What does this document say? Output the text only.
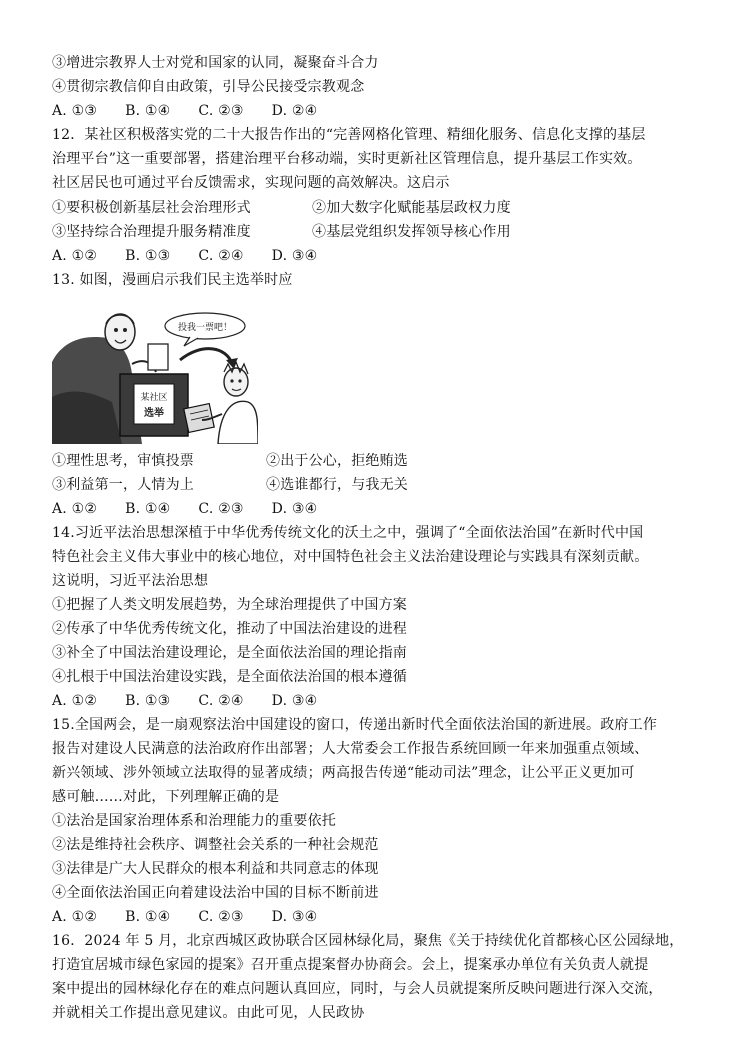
③增进宗教界人士对党和国家的认同，凝聚奋斗合力
④贯彻宗教信仰自由政策，引导公民接受宗教观念
A. ①③ B. ①④ C. ②③ D. ②④
12．某社区积极落实党的二十大报告作出的“完善网格化管理、精细化服务、信息化支撑的基层
治理平台”这一重要部署，搭建治理平台移动端，实时更新社区管理信息，提升基层工作实效。
社区居民也可通过平台反馈需求，实现问题的高效解决。这启示
①要积极创新基层社会治理形式	②加大数字化赋能基层政权力度
③坚持综合治理提升服务精准度	④基层党组织发挥领导核心作用
A. ①② B. ①③ C. ②④ D. ③④
13. 如图，漫画启示我们民主选举时应
某社区
选举
投我一票吧！
①理性思考，审慎投票	②出于公心，拒绝贿选
③利益第一，人情为上	④选谁都行，与我无关
A. ①② B. ①④ C. ②③ D. ③④
14.习近平法治思想深植于中华优秀传统文化的沃土之中，强调了“全面依法治国”在新时代中国
特色社会主义伟大事业中的核心地位，对中国特色社会主义法治建设理论与实践具有深刻贡献。
这说明，习近平法治思想
①把握了人类文明发展趋势，为全球治理提供了中国方案
②传承了中华优秀传统文化，推动了中国法治建设的进程
③补全了中国法治建设理论，是全面依法治国的理论指南
④扎根于中国法治建设实践，是全面依法治国的根本遵循
A. ①② B. ①③ C. ②④ D. ③④
15.全国两会，是一扇观察法治中国建设的窗口，传递出新时代全面依法治国的新进展。政府工作
报告对建设人民满意的法治政府作出部署；人大常委会工作报告系统回顾一年来加强重点领域、
新兴领域、涉外领域立法取得的显著成绩；两高报告传递“能动司法”理念，让公平正义更加可
感可触……对此，下列理解正确的是
①法治是国家治理体系和治理能力的重要依托
②法是维持社会秩序、调整社会关系的一种社会规范
③法律是广大人民群众的根本利益和共同意志的体现
④全面依法治国正向着建设法治中国的目标不断前进
A. ①② B. ①④ C. ②③ D. ③④
16．2024 年 5 月，北京西城区政协联合区园林绿化局，聚焦《关于持续优化首都核心区公园绿地，
打造宜居城市绿色家园的提案》召开重点提案督办协商会。会上，提案承办单位有关负责人就提
案中提出的园林绿化存在的难点问题认真回应，同时，与会人员就提案所反映问题进行深入交流，
并就相关工作提出意见建议。由此可见，人民政协
